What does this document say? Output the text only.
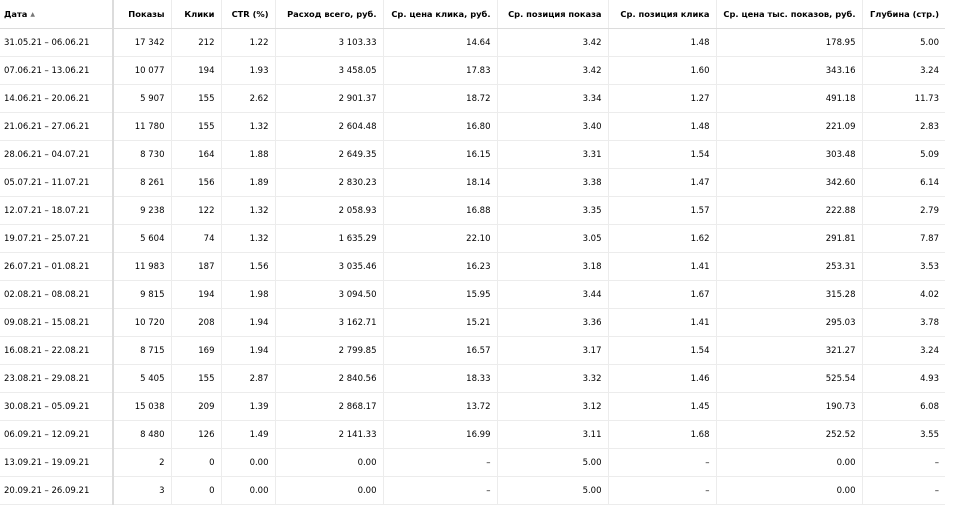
Дата ▲	Показы	Клики	CTR (%)	Расход всего, руб.	Ср. цена клика, руб.	Ср. позиция показа	Ср. позиция клика	Ср. цена тыс. показов, руб.	Глубина (стр.)
31.05.21 – 06.06.21	17 342	212	1.22	3 103.33	14.64	3.42	1.48	178.95	5.00
07.06.21 – 13.06.21	10 077	194	1.93	3 458.05	17.83	3.42	1.60	343.16	3.24
14.06.21 – 20.06.21	5 907	155	2.62	2 901.37	18.72	3.34	1.27	491.18	11.73
21.06.21 – 27.06.21	11 780	155	1.32	2 604.48	16.80	3.40	1.48	221.09	2.83
28.06.21 – 04.07.21	8 730	164	1.88	2 649.35	16.15	3.31	1.54	303.48	5.09
05.07.21 – 11.07.21	8 261	156	1.89	2 830.23	18.14	3.38	1.47	342.60	6.14
12.07.21 – 18.07.21	9 238	122	1.32	2 058.93	16.88	3.35	1.57	222.88	2.79
19.07.21 – 25.07.21	5 604	74	1.32	1 635.29	22.10	3.05	1.62	291.81	7.87
26.07.21 – 01.08.21	11 983	187	1.56	3 035.46	16.23	3.18	1.41	253.31	3.53
02.08.21 – 08.08.21	9 815	194	1.98	3 094.50	15.95	3.44	1.67	315.28	4.02
09.08.21 – 15.08.21	10 720	208	1.94	3 162.71	15.21	3.36	1.41	295.03	3.78
16.08.21 – 22.08.21	8 715	169	1.94	2 799.85	16.57	3.17	1.54	321.27	3.24
23.08.21 – 29.08.21	5 405	155	2.87	2 840.56	18.33	3.32	1.46	525.54	4.93
30.08.21 – 05.09.21	15 038	209	1.39	2 868.17	13.72	3.12	1.45	190.73	6.08
06.09.21 – 12.09.21	8 480	126	1.49	2 141.33	16.99	3.11	1.68	252.52	3.55
13.09.21 – 19.09.21	2	0	0.00	0.00	–	5.00	–	0.00	–
20.09.21 – 26.09.21	3	0	0.00	0.00	–	5.00	–	0.00	–
